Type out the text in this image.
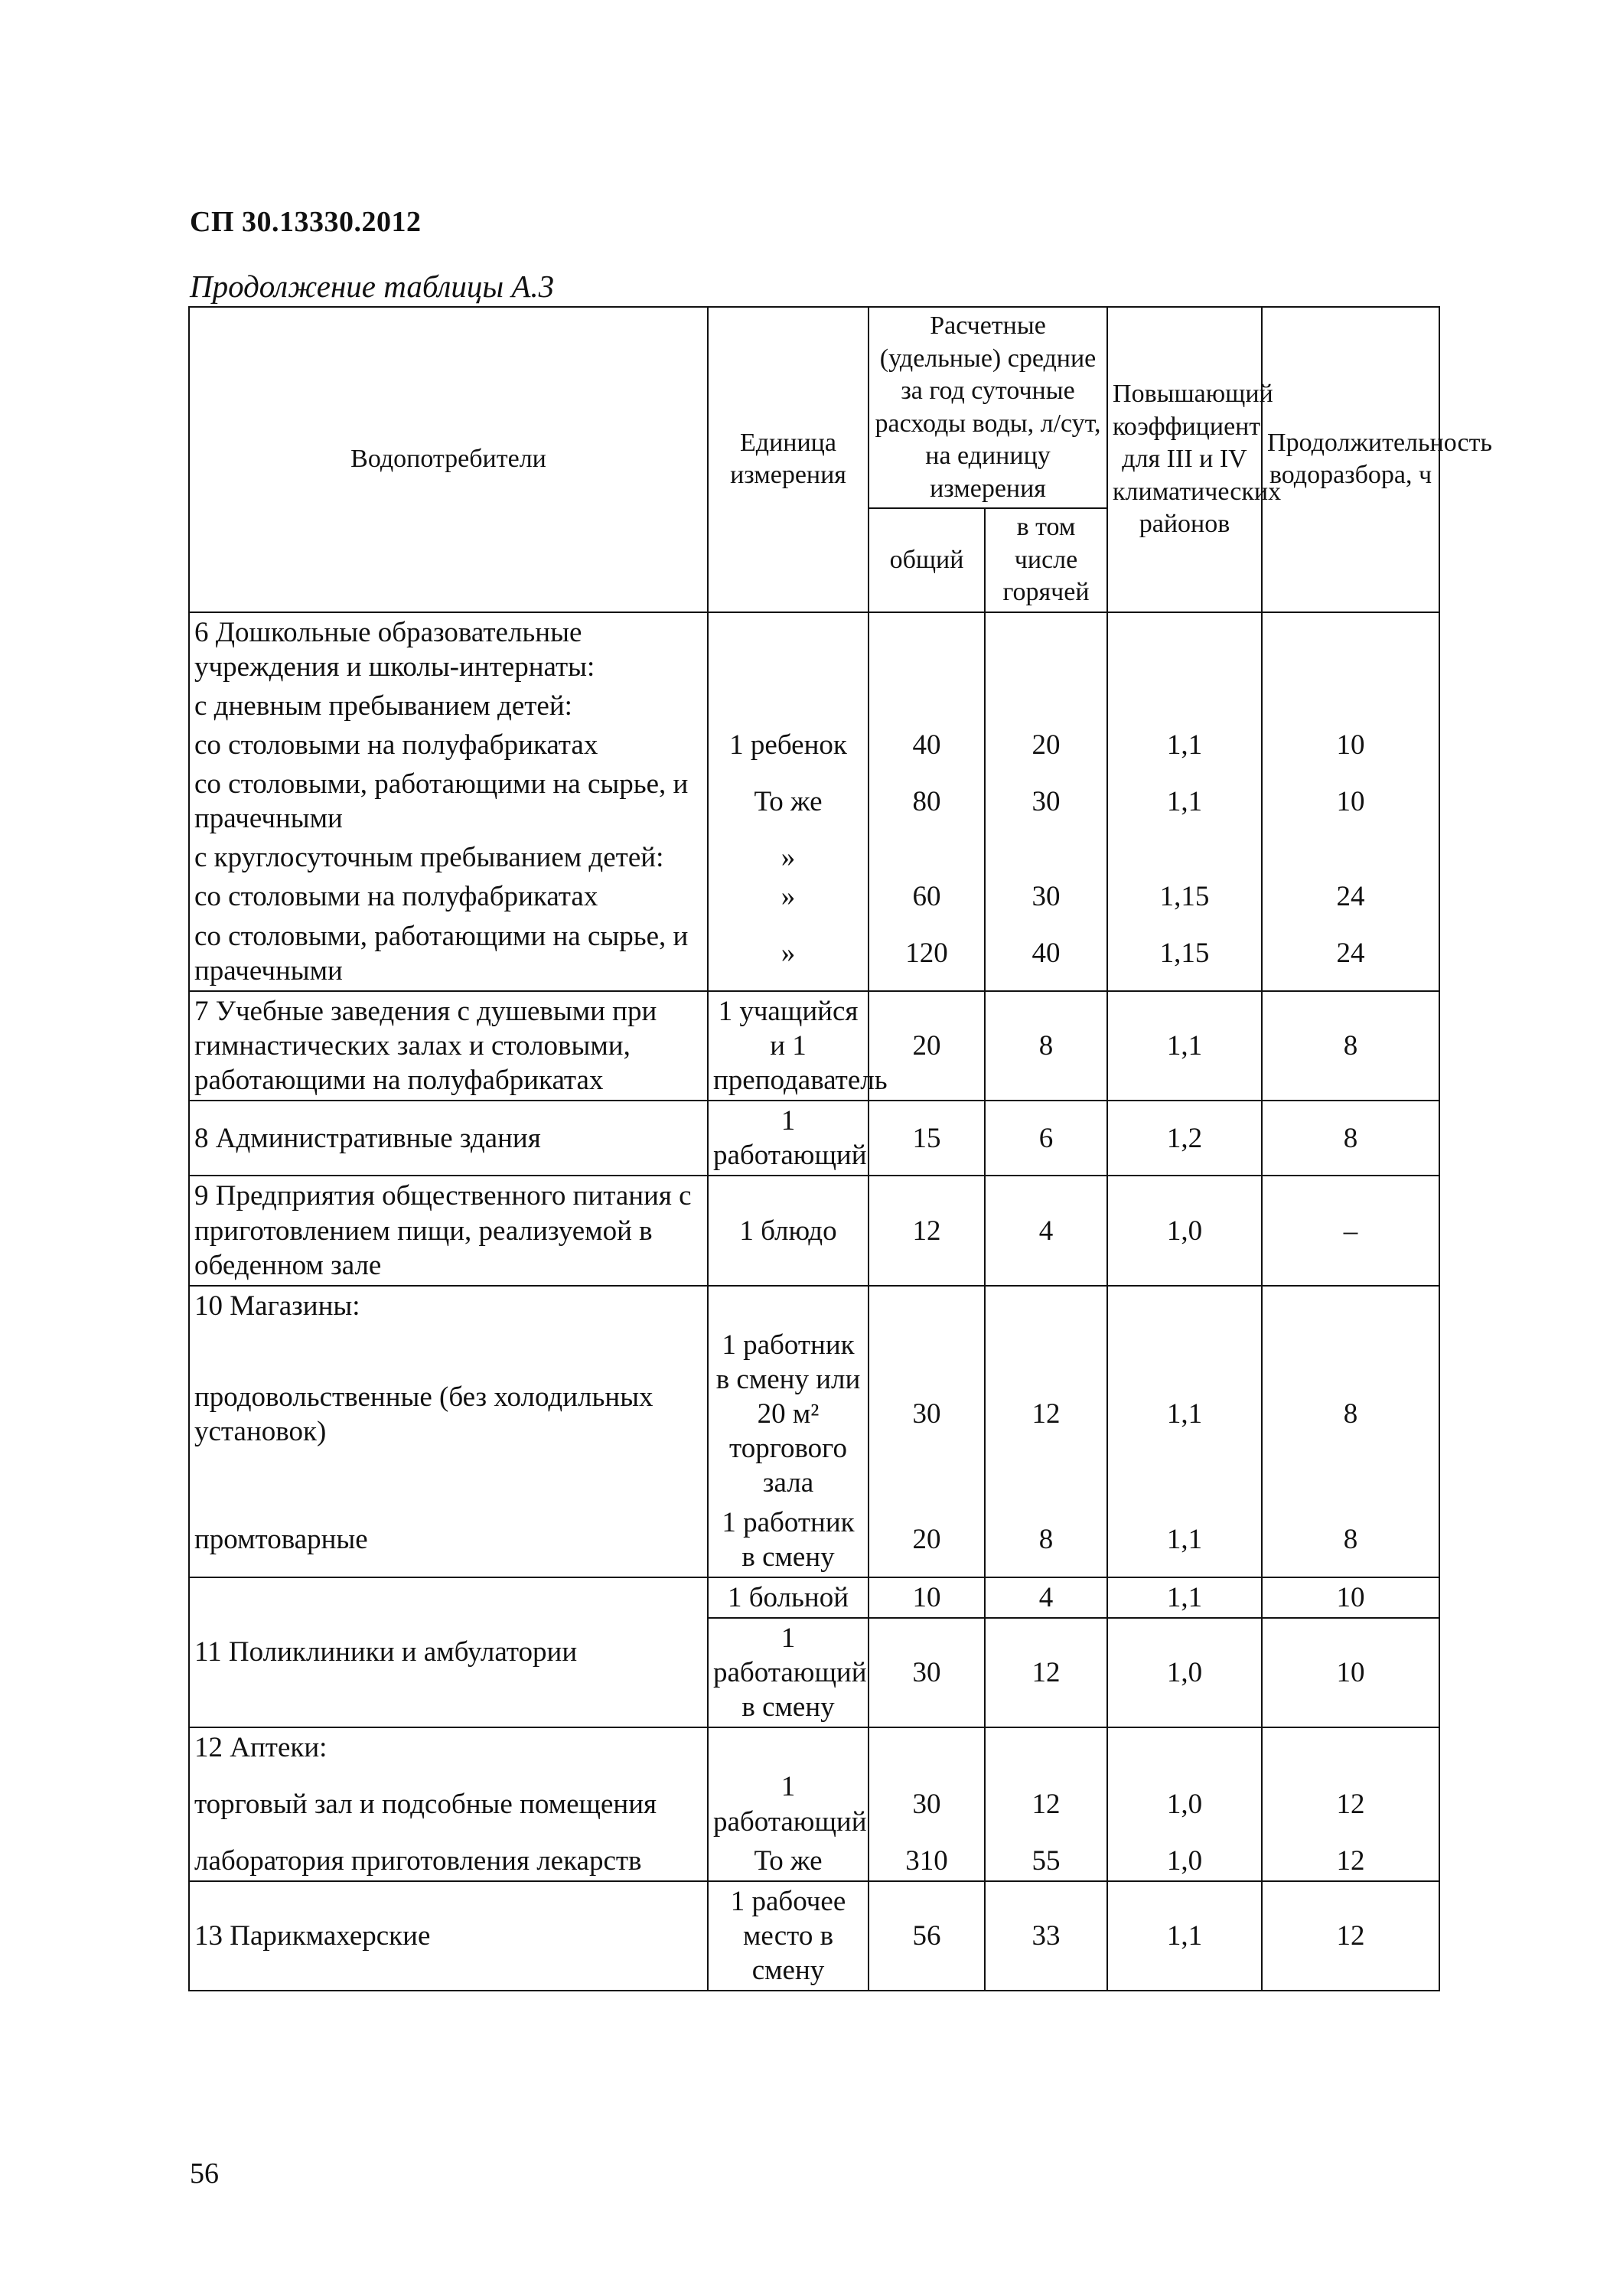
СП 30.13330.2012
Продолжение таблицы А.3
Водопотребители	Единица измерения	Расчетные (удельные) средние за год суточные расходы воды, л/сут, на единицу измерения		Повышающий коэффициент для III и IV климатических районов	Продолжительность водоразбора, ч
		общий	в том числе горячей		
6 Дошкольные образовательные учреждения и школы-интернаты:					
с дневным пребыванием детей:					
со столовыми на полуфабрикатах	1 ребенок	40	20	1,1	10
со столовыми, работающими на сырье, и прачечными	То же	80	30	1,1	10
с круглосуточным пребыванием детей:	»				
со столовыми на полуфабрикатах	»	60	30	1,15	24
со столовыми, работающими на сырье, и прачечными	»	120	40	1,15	24
7 Учебные заведения с душевыми при гимнастических залах и столовыми, работающими на полуфабрикатах	1 учащийся и 1 преподаватель	20	8	1,1	8
8 Административные здания	1 работающий	15	6	1,2	8
9 Предприятия общественного питания с приготовлением пищи, реализуемой в обеденном зале	1 блюдо	12	4	1,0	–
10 Магазины:					
продовольственные (без холодильных установок)	1 работник в смену или 20 м² торгового зала	30	12	1,1	8
промтоварные	1 работник в смену	20	8	1,1	8
11 Поликлиники и амбулатории	1 больной	10	4	1,1	10
	1 работающий в смену	30	12	1,0	10
12 Аптеки:					
торговый зал и подсобные помещения	1 работающий	30	12	1,0	12
лаборатория приготовления лекарств	То же	310	55	1,0	12
13 Парикмахерские	1 рабочее место в смену	56	33	1,1	12
56
